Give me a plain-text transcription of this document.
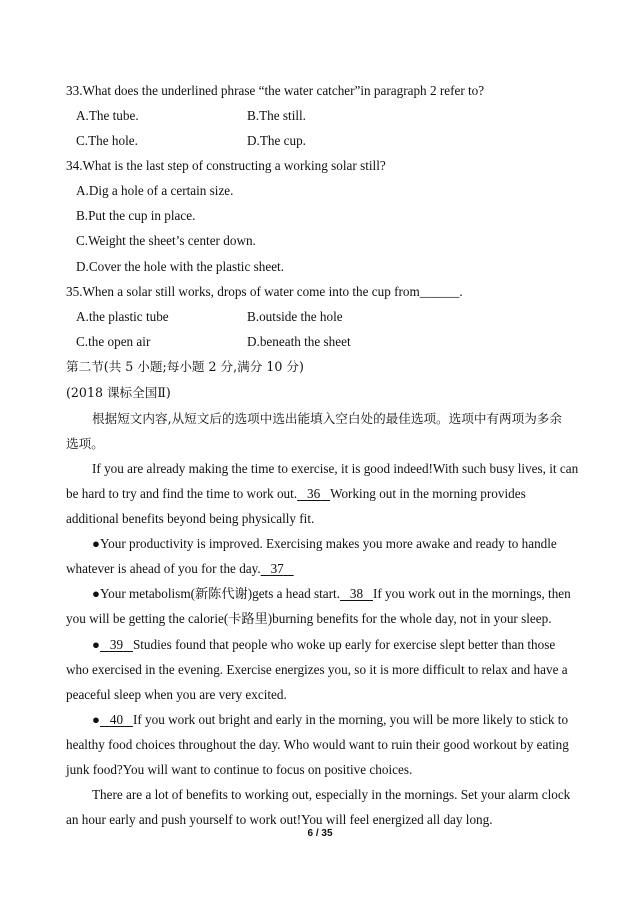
33.What does the underlined phrase “the water catcher”in paragraph 2 refer to?
A.The tube.	B.The still.
C.The hole.	D.The cup.
34.What is the last step of constructing a working solar still?
A.Dig a hole of a certain size.
B.Put the cup in place.
C.Weight the sheet’s center down.
D.Cover the hole with the plastic sheet.
35.When a solar still works, drops of water come into the cup from______.
A.the plastic tube	B.outside the hole
C.the open air	D.beneath the sheet
第二节(共 5 小题;每小题 2 分,满分 10 分)
(2018 课标全国Ⅱ)
根据短文内容,从短文后的选项中选出能填入空白处的最佳选项。选项中有两项为多余
选项。
If you are already making the time to exercise, it is good indeed!With such busy lives, it can
be hard to try and find the time to work out. 36 Working out in the morning provides
additional benefits beyond being physically fit.
●Your productivity is improved. Exercising makes you more awake and ready to handle
whatever is ahead of you for the day. 37
●Your metabolism(新陈代谢)gets a head start. 38 If you work out in the mornings, then
you will be getting the calorie(卡路里)burning benefits for the whole day, not in your sleep.
● 39 Studies found that people who woke up early for exercise slept better than those
who exercised in the evening. Exercise energizes you, so it is more difficult to relax and have a
peaceful sleep when you are very excited.
● 40 If you work out bright and early in the morning, you will be more likely to stick to
healthy food choices throughout the day. Who would want to ruin their good workout by eating
junk food?You will want to continue to focus on positive choices.
There are a lot of benefits to working out, especially in the mornings. Set your alarm clock
an hour early and push yourself to work out!You will feel energized all day long.
6 / 35
